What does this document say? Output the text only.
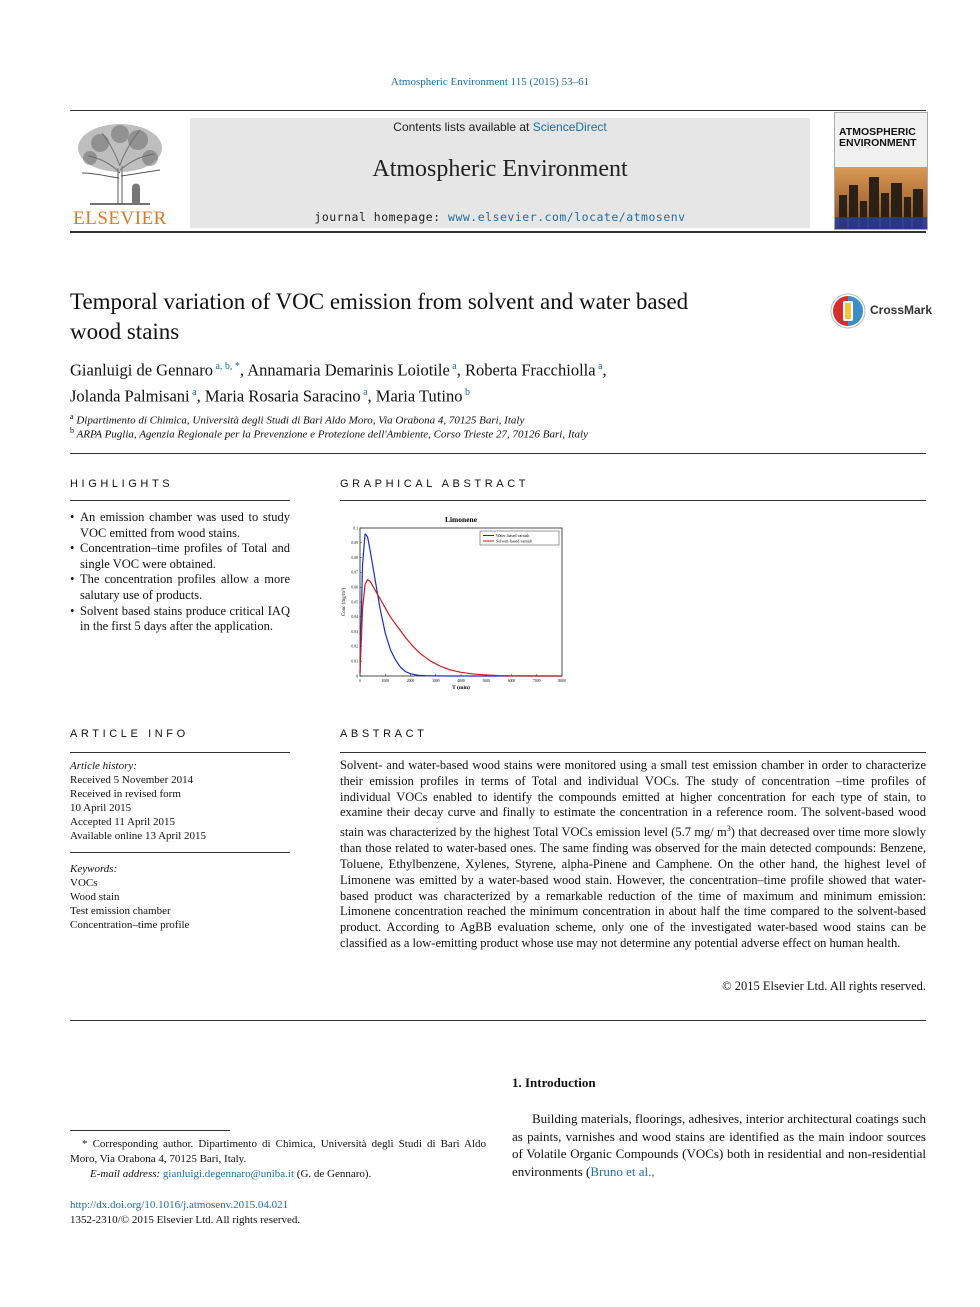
Atmospheric Environment 115 (2015) 53–61
ELSEVIER
Contents lists available at ScienceDirect
Atmospheric Environment
journal homepage: www.elsevier.com/locate/atmosenv
ATMOSPHERIC
ENVIRONMENT
Temporal variation of VOC emission from solvent and water based
wood stains
CrossMark
Gianluigi de Gennaro $^{a, b, *}$, Annamaria Demarinis Loiotile $^a$, Roberta Fracchiolla $^a$,
Jolanda Palmisani $^a$, Maria Rosaria Saracino $^a$, Maria Tutino $^b$
$^a$ Dipartimento di Chimica, Università degli Studi di Bari Aldo Moro, Via Orabona 4, 70125 Bari, Italy
$^b$ ARPA Puglia, Agenzia Regionale per la Prevenzione e Protezione dell'Ambiente, Corso Trieste 27, 70126 Bari, Italy
HIGHLIGHTS
• An emission chamber was used to study VOC emitted from wood stains.
• Concentration–time profiles of Total and single VOC were obtained.
• The concentration profiles allow a more salutary use of products.
• Solvent based stains produce critical IAQ in the first 5 days after the application.
GRAPHICAL ABSTRACT
Limonene
T (min)
Conc (mg/m³)
0	1000	2000	3000	4000	5000	6000	7000	8000
0
0.01
0.02
0.03
0.04
0.05
0.06
0.07
0.08
0.09
0.1
Water–based varnish
Solvent–based varnish
ARTICLE INFO
Article history:
Received 5 November 2014
Received in revised form
10 April 2015
Accepted 11 April 2015
Available online 13 April 2015
Keywords:
VOCs
Wood stain
Test emission chamber
Concentration–time profile
ABSTRACT
Solvent- and water-based wood stains were monitored using a small test emission chamber in order to characterize their emission profiles in terms of Total and individual VOCs. The study of concentration –time profiles of individual VOCs enabled to identify the compounds emitted at higher concentration for each type of stain, to examine their decay curve and finally to estimate the concentration in a reference room. The solvent-based wood stain was characterized by the highest Total VOCs emission level (5.7 mg/ $m^3$) that decreased over time more slowly than those related to water-based ones. The same finding was observed for the main detected compounds: Benzene, Toluene, Ethylbenzene, Xylenes, Styrene, alpha-Pinene and Camphene. On the other hand, the highest level of Limonene was emitted by a water-based wood stain. However, the concentration–time profile showed that water-based product was characterized by a remarkable reduction of the time of maximum and minimum emission: Limonene concentration reached the minimum concentration in about half the time compared to the solvent-based product. According to AgBB evaluation scheme, only one of the investigated water-based wood stains can be classified as a low-emitting product whose use may not determine any potential adverse effect on human health.
© 2015 Elsevier Ltd. All rights reserved.
1. Introduction
Building materials, floorings, adhesives, interior architectural coatings such as paints, varnishes and wood stains are identified as the main indoor sources of Volatile Organic Compounds (VOCs) both in residential and non-residential environments (Bruno et al.,
* Corresponding author. Dipartimento di Chimica, Università degli Studi di Bari Aldo Moro, Via Orabona 4, 70125 Bari, Italy.
E-mail address: gianluigi.degennaro@uniba.it (G. de Gennaro).
http://dx.doi.org/10.1016/j.atmosenv.2015.04.021
1352-2310/© 2015 Elsevier Ltd. All rights reserved.
